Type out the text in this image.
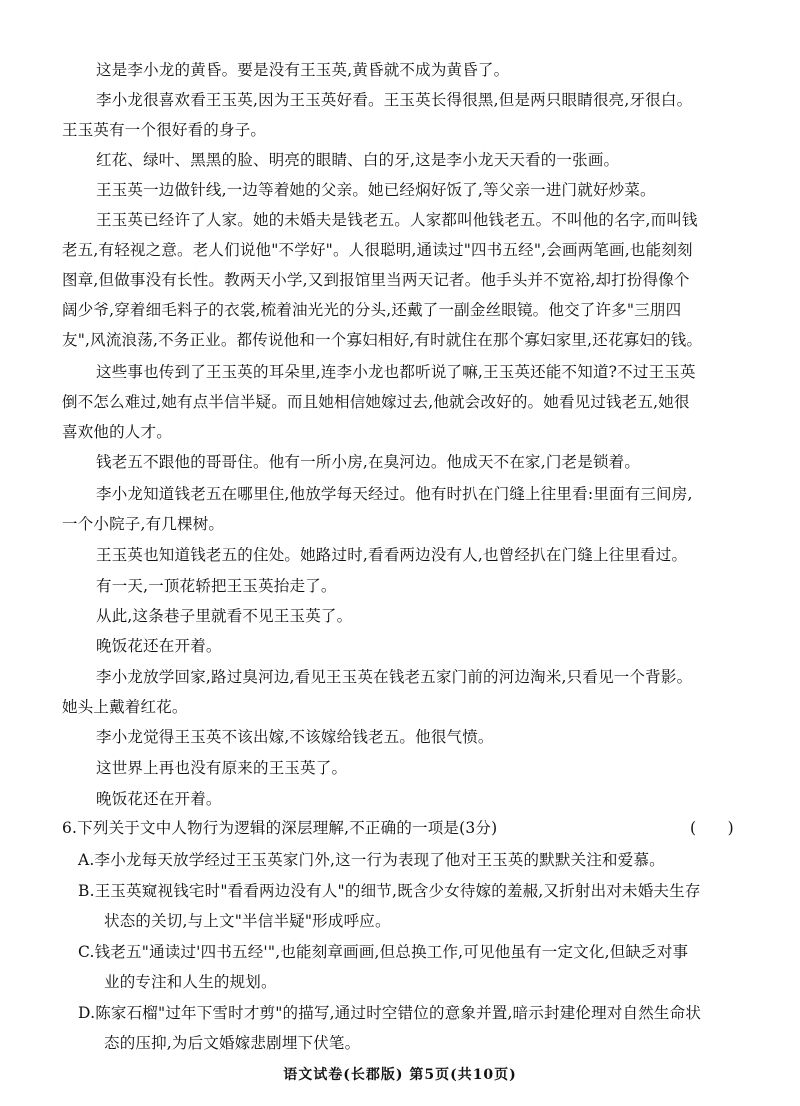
这是李小龙的黄昏。要是没有王玉英,黄昏就不成为黄昏了。
李小龙很喜欢看王玉英,因为王玉英好看。王玉英长得很黑,但是两只眼睛很亮,牙很白。
王玉英有一个很好看的身子。
红花、绿叶、黑黑的脸、明亮的眼睛、白的牙,这是李小龙天天看的一张画。
王玉英一边做针线,一边等着她的父亲。她已经焖好饭了,等父亲一进门就好炒菜。
王玉英已经许了人家。她的未婚夫是钱老五。人家都叫他钱老五。不叫他的名字,而叫钱
老五,有轻视之意。老人们说他"不学好"。人很聪明,通读过"四书五经",会画两笔画,也能刻刻
图章,但做事没有长性。教两天小学,又到报馆里当两天记者。他手头并不宽裕,却打扮得像个
阔少爷,穿着细毛料子的衣裳,梳着油光光的分头,还戴了一副金丝眼镜。他交了许多"三朋四
友",风流浪荡,不务正业。都传说他和一个寡妇相好,有时就住在那个寡妇家里,还花寡妇的钱。
这些事也传到了王玉英的耳朵里,连李小龙也都听说了嘛,王玉英还能不知道?不过王玉英
倒不怎么难过,她有点半信半疑。而且她相信她嫁过去,他就会改好的。她看见过钱老五,她很
喜欢他的人才。
钱老五不跟他的哥哥住。他有一所小房,在臭河边。他成天不在家,门老是锁着。
李小龙知道钱老五在哪里住,他放学每天经过。他有时扒在门缝上往里看:里面有三间房,
一个小院子,有几棵树。
王玉英也知道钱老五的住处。她路过时,看看两边没有人,也曾经扒在门缝上往里看过。
有一天,一顶花轿把王玉英抬走了。
从此,这条巷子里就看不见王玉英了。
晚饭花还在开着。
李小龙放学回家,路过臭河边,看见王玉英在钱老五家门前的河边淘米,只看见一个背影。
她头上戴着红花。
李小龙觉得王玉英不该出嫁,不该嫁给钱老五。他很气愤。
这世界上再也没有原来的王玉英了。
晚饭花还在开着。
6.下列关于文中人物行为逻辑的深层理解,不正确的一项是(3分)	(　　)
A.李小龙每天放学经过王玉英家门外,这一行为表现了他对王玉英的默默关注和爱慕。
B.王玉英窥视钱宅时"看看两边没有人"的细节,既含少女待嫁的羞赧,又折射出对未婚夫生存
状态的关切,与上文"半信半疑"形成呼应。
C.钱老五"通读过'四书五经'",也能刻章画画,但总换工作,可见他虽有一定文化,但缺乏对事
业的专注和人生的规划。
D.陈家石榴"过年下雪时才剪"的描写,通过时空错位的意象并置,暗示封建伦理对自然生命状
态的压抑,为后文婚嫁悲剧埋下伏笔。
语文试卷(长郡版) 第5页(共10页)
